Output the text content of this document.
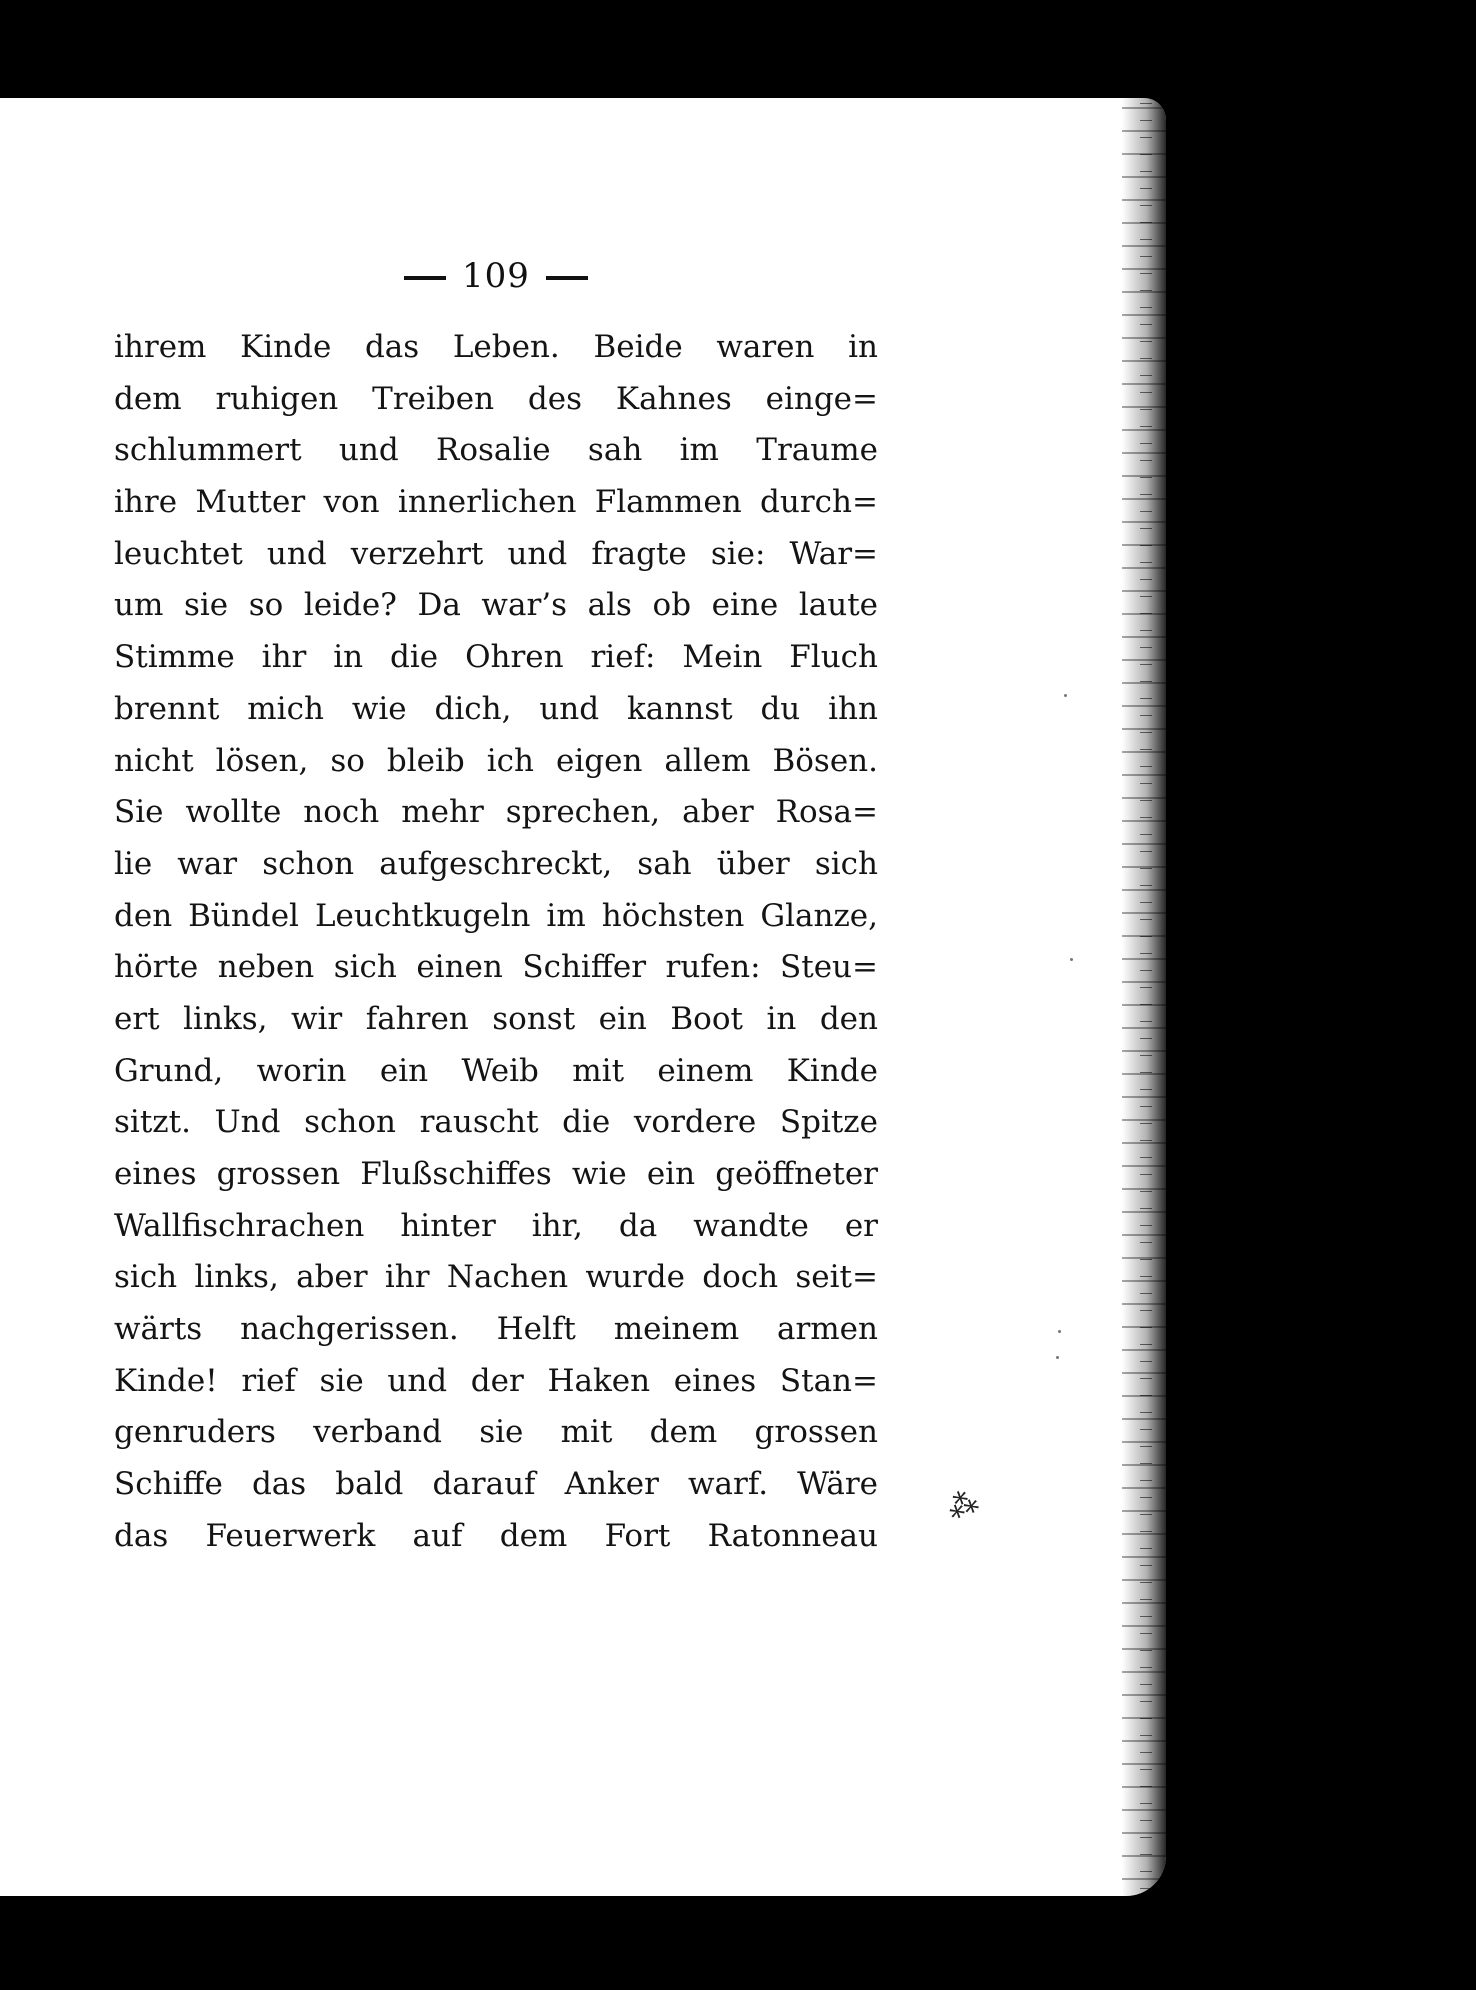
109
ihrem Kinde das Leben. Beide waren in
dem ruhigen Treiben des Kahnes einge=
schlummert und Rosalie sah im Traume
ihre Mutter von innerlichen Flammen durch=
leuchtet und verzehrt und fragte sie: War=
um sie so leide? Da war’s als ob eine laute
Stimme ihr in die Ohren rief: Mein Fluch
brennt mich wie dich, und kannst du ihn
nicht lösen, so bleib ich eigen allem Bösen.
Sie wollte noch mehr sprechen, aber Rosa=
lie war schon aufgeschreckt, sah über sich
den Bündel Leuchtkugeln im höchsten Glanze,
hörte neben sich einen Schiffer rufen: Steu=
ert links, wir fahren sonst ein Boot in den
Grund, worin ein Weib mit einem Kinde
sitzt. Und schon rauscht die vordere Spitze
eines grossen Flußschiffes wie ein geöffneter
Wallfischrachen hinter ihr, da wandte er
sich links, aber ihr Nachen wurde doch seit=
wärts nachgerissen. Helft meinem armen
Kinde! rief sie und der Haken eines Stan=
genruders verband sie mit dem grossen
Schiffe das bald darauf Anker warf. Wäre
das Feuerwerk auf dem Fort Ratonneau
⁂
